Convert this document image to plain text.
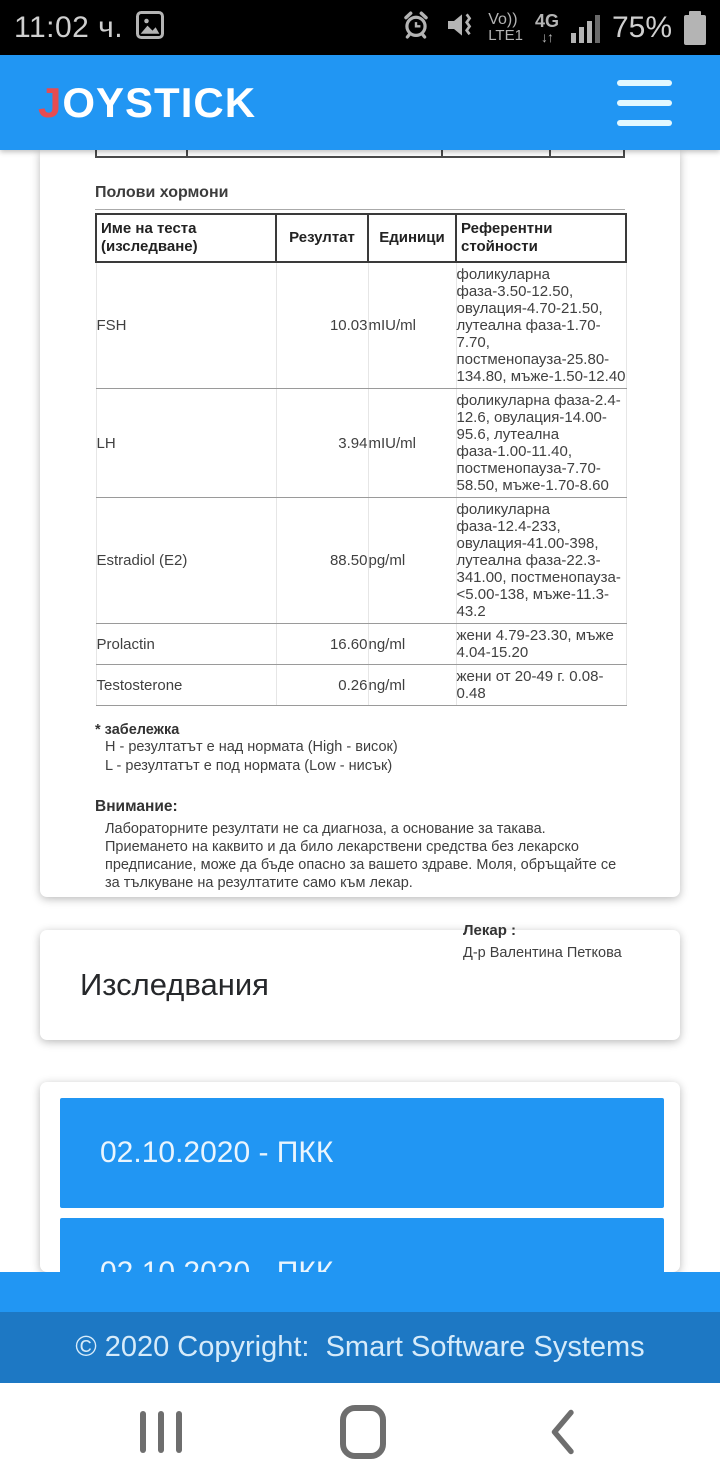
11:02 ч.	Vo))
LTE1
4G
↓↑ 75%
JOYSTICK
Полови хормони
Име на теста (изследване)	Резултат	Единици	Референтни стойности
FSH	10.03	mIU/ml	фоликуларна фаза-3.50-12.50, овулация-4.70-21.50, лутеална фаза-1.70-7.70, постменопауза-25.80-134.80, мъже-1.50-12.40
LH	3.94	mIU/ml	фоликуларна фаза-2.4-12.6, овулация-14.00-95.6, лутеална фаза-1.00-11.40, постменопауза-7.70-58.50, мъже-1.70-8.60
Estradiol (E2)	88.50	pg/ml	фоликуларна фаза-12.4-233, овулация-41.00-398, лутеална фаза-22.3-341.00, постменопауза-<5.00-138, мъже-11.3-43.2
Prolactin	16.60	ng/ml	жени 4.79-23.30, мъже 4.04-15.20
Testosterone	0.26	ng/ml	жени от 20-49 г. 0.08-0.48
* забележка
H - резултатът е над нормата (High - висок)
L - резултатът е под нормата (Low - нисък)
Внимание:
Лабораторните резултати не са диагноза, а основание за такава. Приемането на каквито и да било лекарствени средства без лекарско предписание, може да бъде опасно за вашето здраве. Моля, обръщайте се за тълкуване на резултатите само към лекар.
Лекар :
Д-р Валентина Петкова
Изследвания
02.10.2020 - ПКК
© 2020 Copyright:  Smart Software Systems
